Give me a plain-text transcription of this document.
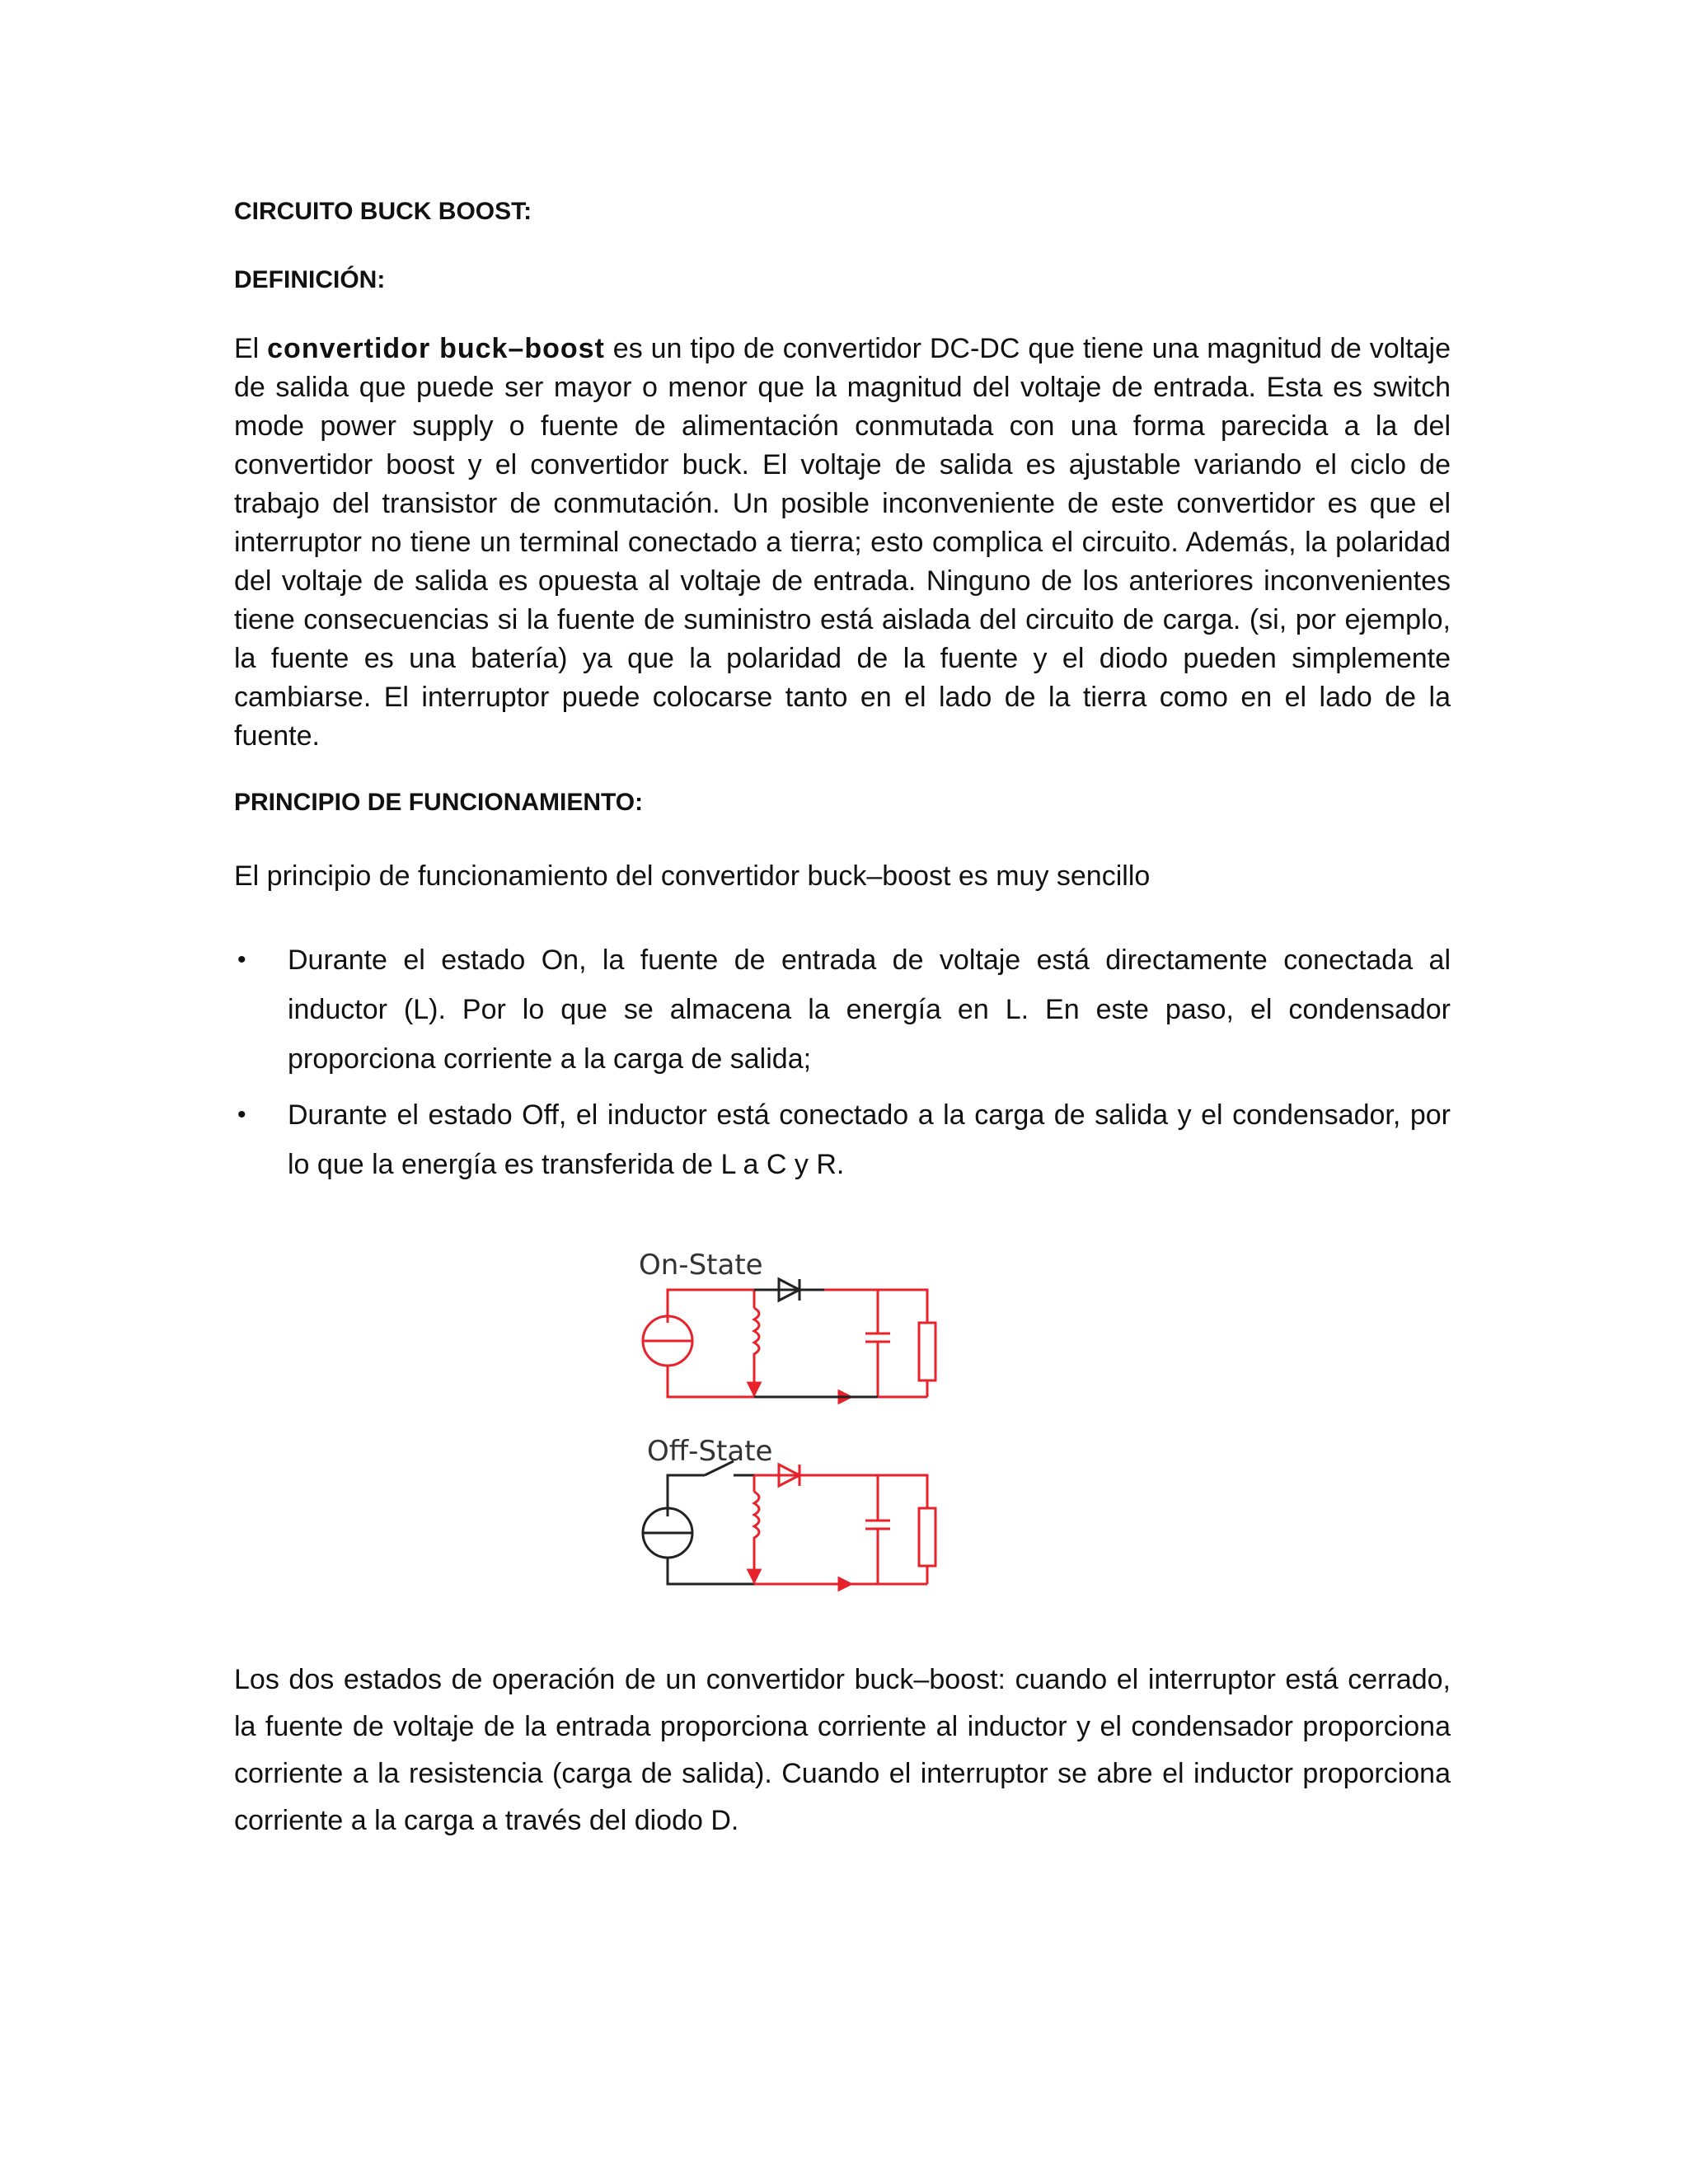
CIRCUITO BUCK BOOST:

DEFINICIÓN:

El convertidor buck–boost es un tipo de convertidor DC-DC que tiene una magnitud de voltaje de salida que puede ser mayor o menor que la magnitud del voltaje de entrada. Esta es switch mode power supply o fuente de alimentación conmutada con una forma parecida a la del convertidor boost y el convertidor buck. El voltaje de salida es ajustable variando el ciclo de trabajo del transistor de conmutación. Un posible inconveniente de este convertidor es que el interruptor no tiene un terminal conectado a tierra; esto complica el circuito. Además, la polaridad del voltaje de salida es opuesta al voltaje de entrada. Ninguno de los anteriores inconvenientes tiene consecuencias si la fuente de suministro está aislada del circuito de carga. (si, por ejemplo, la fuente es una batería) ya que la polaridad de la fuente y el diodo pueden simplemente cambiarse. El interruptor puede colocarse tanto en el lado de la tierra como en el lado de la fuente.

PRINCIPIO DE FUNCIONAMIENTO:

El principio de funcionamiento del convertidor buck–boost es muy sencillo

• Durante el estado On, la fuente de entrada de voltaje está directamente conectada al inductor (L). Por lo que se almacena la energía en L. En este paso, el condensador proporciona corriente a la carga de salida;
• Durante el estado Off, el inductor está conectado a la carga de salida y el condensador, por lo que la energía es transferida de L a C y R.

Los dos estados de operación de un convertidor buck–boost: cuando el interruptor está cerrado, la fuente de voltaje de la entrada proporciona corriente al inductor y el condensador proporciona corriente a la resistencia (carga de salida). Cuando el interruptor se abre el inductor proporciona corriente a la carga a través del diodo D.

On-State
Off-State
